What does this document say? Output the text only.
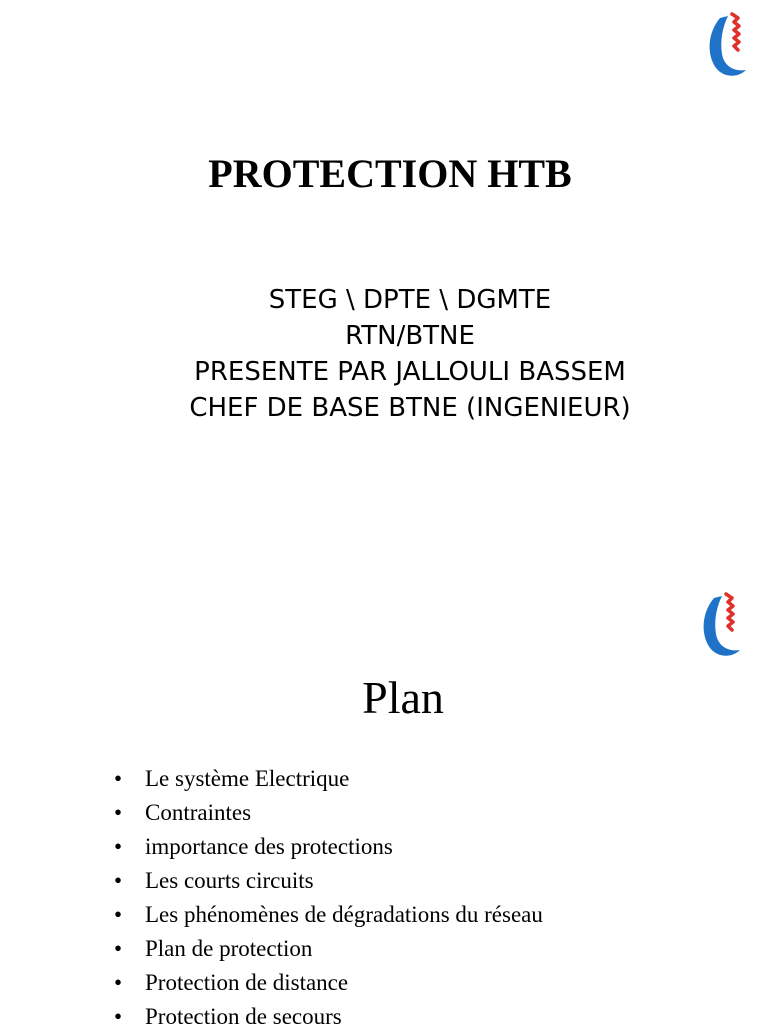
PROTECTION HTB
STEG \ DPTE \ DGMTE
RTN/BTNE
PRESENTE PAR JALLOULI BASSEM
CHEF DE BASE BTNE (INGENIEUR)
Plan
• Le système Electrique
• Contraintes
• importance des protections
• Les courts circuits
• Les phénomènes de dégradations du réseau
• Plan de protection
• Protection de distance
• Protection de secours
